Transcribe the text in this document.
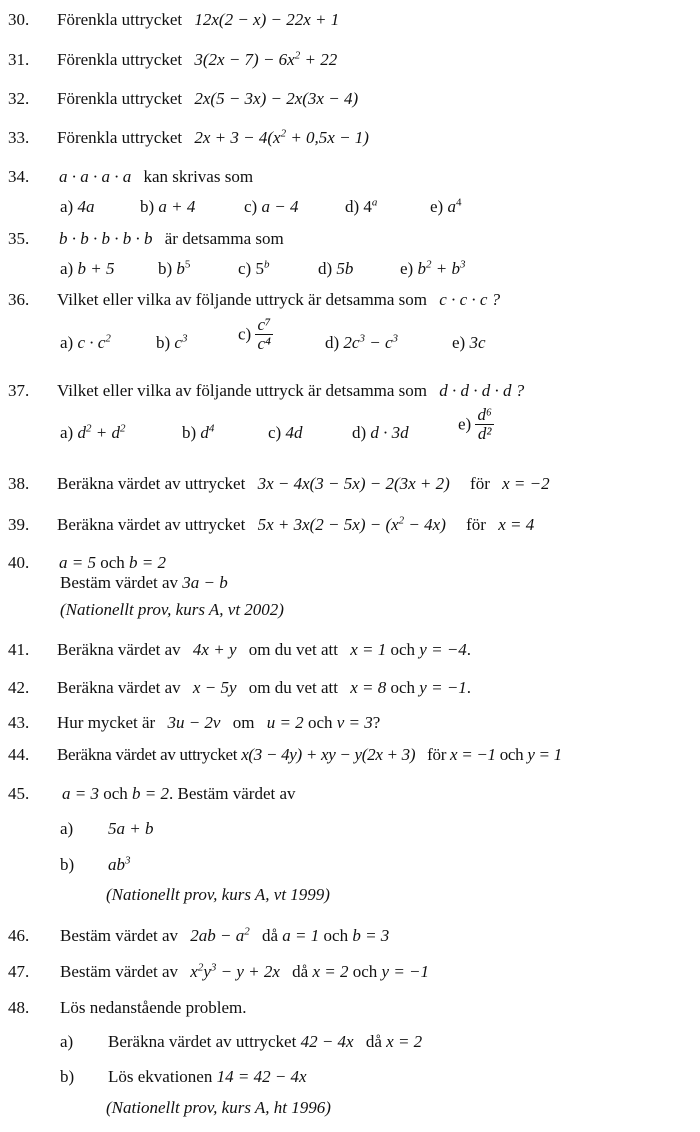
30.	Förenkla uttrycket 12x(2 − x) − 22x + 1
31.	Förenkla uttrycket $3(2x - 7) - 6x^2 + 22$
32.	Förenkla uttrycket 2x(5 − 3x) − 2x(3x − 4)
33.	Förenkla uttrycket $2x + 3 - 4(x^2 + 0,5x - 1)$
34.	a · a · a · a kan skrivas som
a) 4a	b) a + 4	c) a − 4	d) 4$^a$	e) $a^4$
35.	b · b · b · b · b är detsamma som
a) b + 5	b) $b^5$	c) 5$^b$	d) 5b	e) $b^2 + b^3$
36.	Vilket eller vilka av följande uttryck är detsamma som c · c · c ?
a) $c \cdot c^2$	b) $c^3$	$c) \frac{\text{c⁷}}{\text{c⁴}}$	d) $2c^3 - c^3$	e) 3c
37.	Vilket eller vilka av följande uttryck är detsamma som d · d · d · d ?
a) $d^2 + d^2$	b) $d^4$	c) 4d	d) d · 3d	$e) \frac{\text{d⁶}}{\text{d²}}$
38.	Beräkna värdet av uttrycket 3x − 4x(3 − 5x) − 2(3x + 2) för x = −2
39.	Beräkna värdet av uttrycket $5x + 3x(2 - 5x) - (x^2 - 4x)$ för x = 4
40.	a = 5 och b = 2
Bestäm värdet av 3a − b
(Nationellt prov, kurs A, vt 2002)
41.	Beräkna värdet av 4x + y om du vet att x = 1 och y = −4.
42.	Beräkna värdet av x − 5y om du vet att x = 8 och y = −1.
43.	Hur mycket är 3u − 2v om u = 2 och v = 3?
44.	Beräkna värdet av uttrycket x(3 − 4y) + xy − y(2x + 3) för x = −1 och y = 1
45.	a = 3 och b = 2. Bestäm värdet av
a) 5a + b
b) $ab^3$
(Nationellt prov, kurs A, vt 1999)
46.	Bestäm värdet av $2ab - a^2$ då a = 1 och b = 3
47.	Bestäm värdet av $x^2y^3 - y + 2x$ då x = 2 och y = −1
48.	Lös nedanstående problem.
a) Beräkna värdet av uttrycket 42 − 4x då x = 2
b) Lös ekvationen 14 = 42 − 4x
(Nationellt prov, kurs A, ht 1996)
